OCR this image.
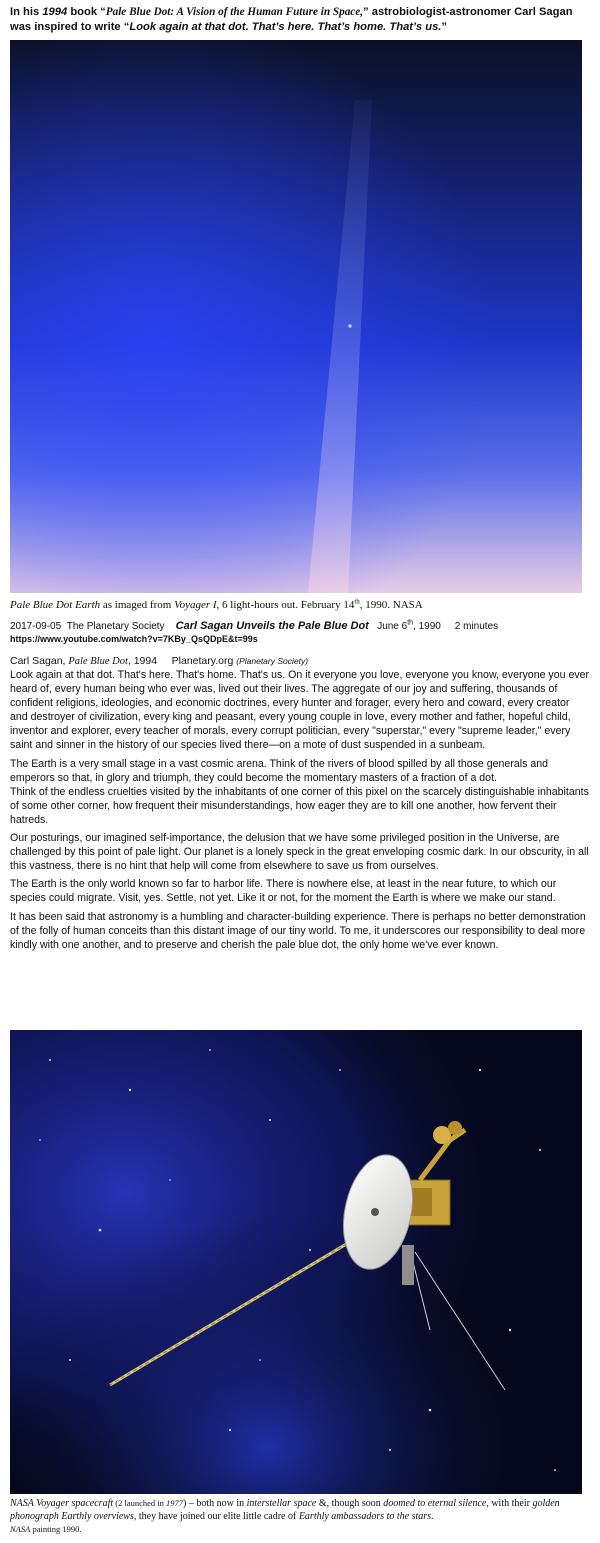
In his 1994 book “Pale Blue Dot: A Vision of the Human Future in Space,” astrobiologist-astronomer Carl Sagan was inspired to write “Look again at that dot. That’s here. That’s home. That’s us.”
Pale Blue Dot Earth as imaged from Voyager I, 6 light-hours out. February 14th, 1990. NASA
2017-09-05 The Planetary Society Carl Sagan Unveils the Pale Blue Dot June 6th, 1990 2 minutes
https://www.youtube.com/watch?v=7KBy_QsQDpE&t=99s
Carl Sagan, Pale Blue Dot, 1994 Planetary.org (Planetary Society)

Look again at that dot. That's here. That's home. That's us. On it everyone you love, everyone you know, everyone you ever heard of, every human being who ever was, lived out their lives. The aggregate of our joy and suffering, thousands of confident religions, ideologies, and economic doctrines, every hunter and forager, every hero and coward, every creator and destroyer of civilization, every king and peasant, every young couple in love, every mother and father, hopeful child, inventor and explorer, every teacher of morals, every corrupt politician, every "superstar," every "supreme leader," every saint and sinner in the history of our species lived there—on a mote of dust suspended in a sunbeam.

The Earth is a very small stage in a vast cosmic arena. Think of the rivers of blood spilled by all those generals and emperors so that, in glory and triumph, they could become the momentary masters of a fraction of a dot.

Think of the endless cruelties visited by the inhabitants of one corner of this pixel on the scarcely distinguishable inhabitants of some other corner, how frequent their misunderstandings, how eager they are to kill one another, how fervent their hatreds.

Our posturings, our imagined self-importance, the delusion that we have some privileged position in the Universe, are challenged by this point of pale light. Our planet is a lonely speck in the great enveloping cosmic dark. In our obscurity, in all this vastness, there is no hint that help will come from elsewhere to save us from ourselves.

The Earth is the only world known so far to harbor life. There is nowhere else, at least in the near future, to which our species could migrate. Visit, yes. Settle, not yet. Like it or not, for the moment the Earth is where we make our stand.

It has been said that astronomy is a humbling and character-building experience. There is perhaps no better demonstration of the folly of human conceits than this distant image of our tiny world. To me, it underscores our responsibility to deal more kindly with one another, and to preserve and cherish the pale blue dot, the only home we've ever known.

NASA Voyager spacecraft (2 launched in 1977) – both now in interstellar space &, though soon doomed to eternal silence, with their golden phonograph Earthly overviews, they have joined our elite little cadre of Earthly ambassadors to the stars.
NASA painting 1990.
